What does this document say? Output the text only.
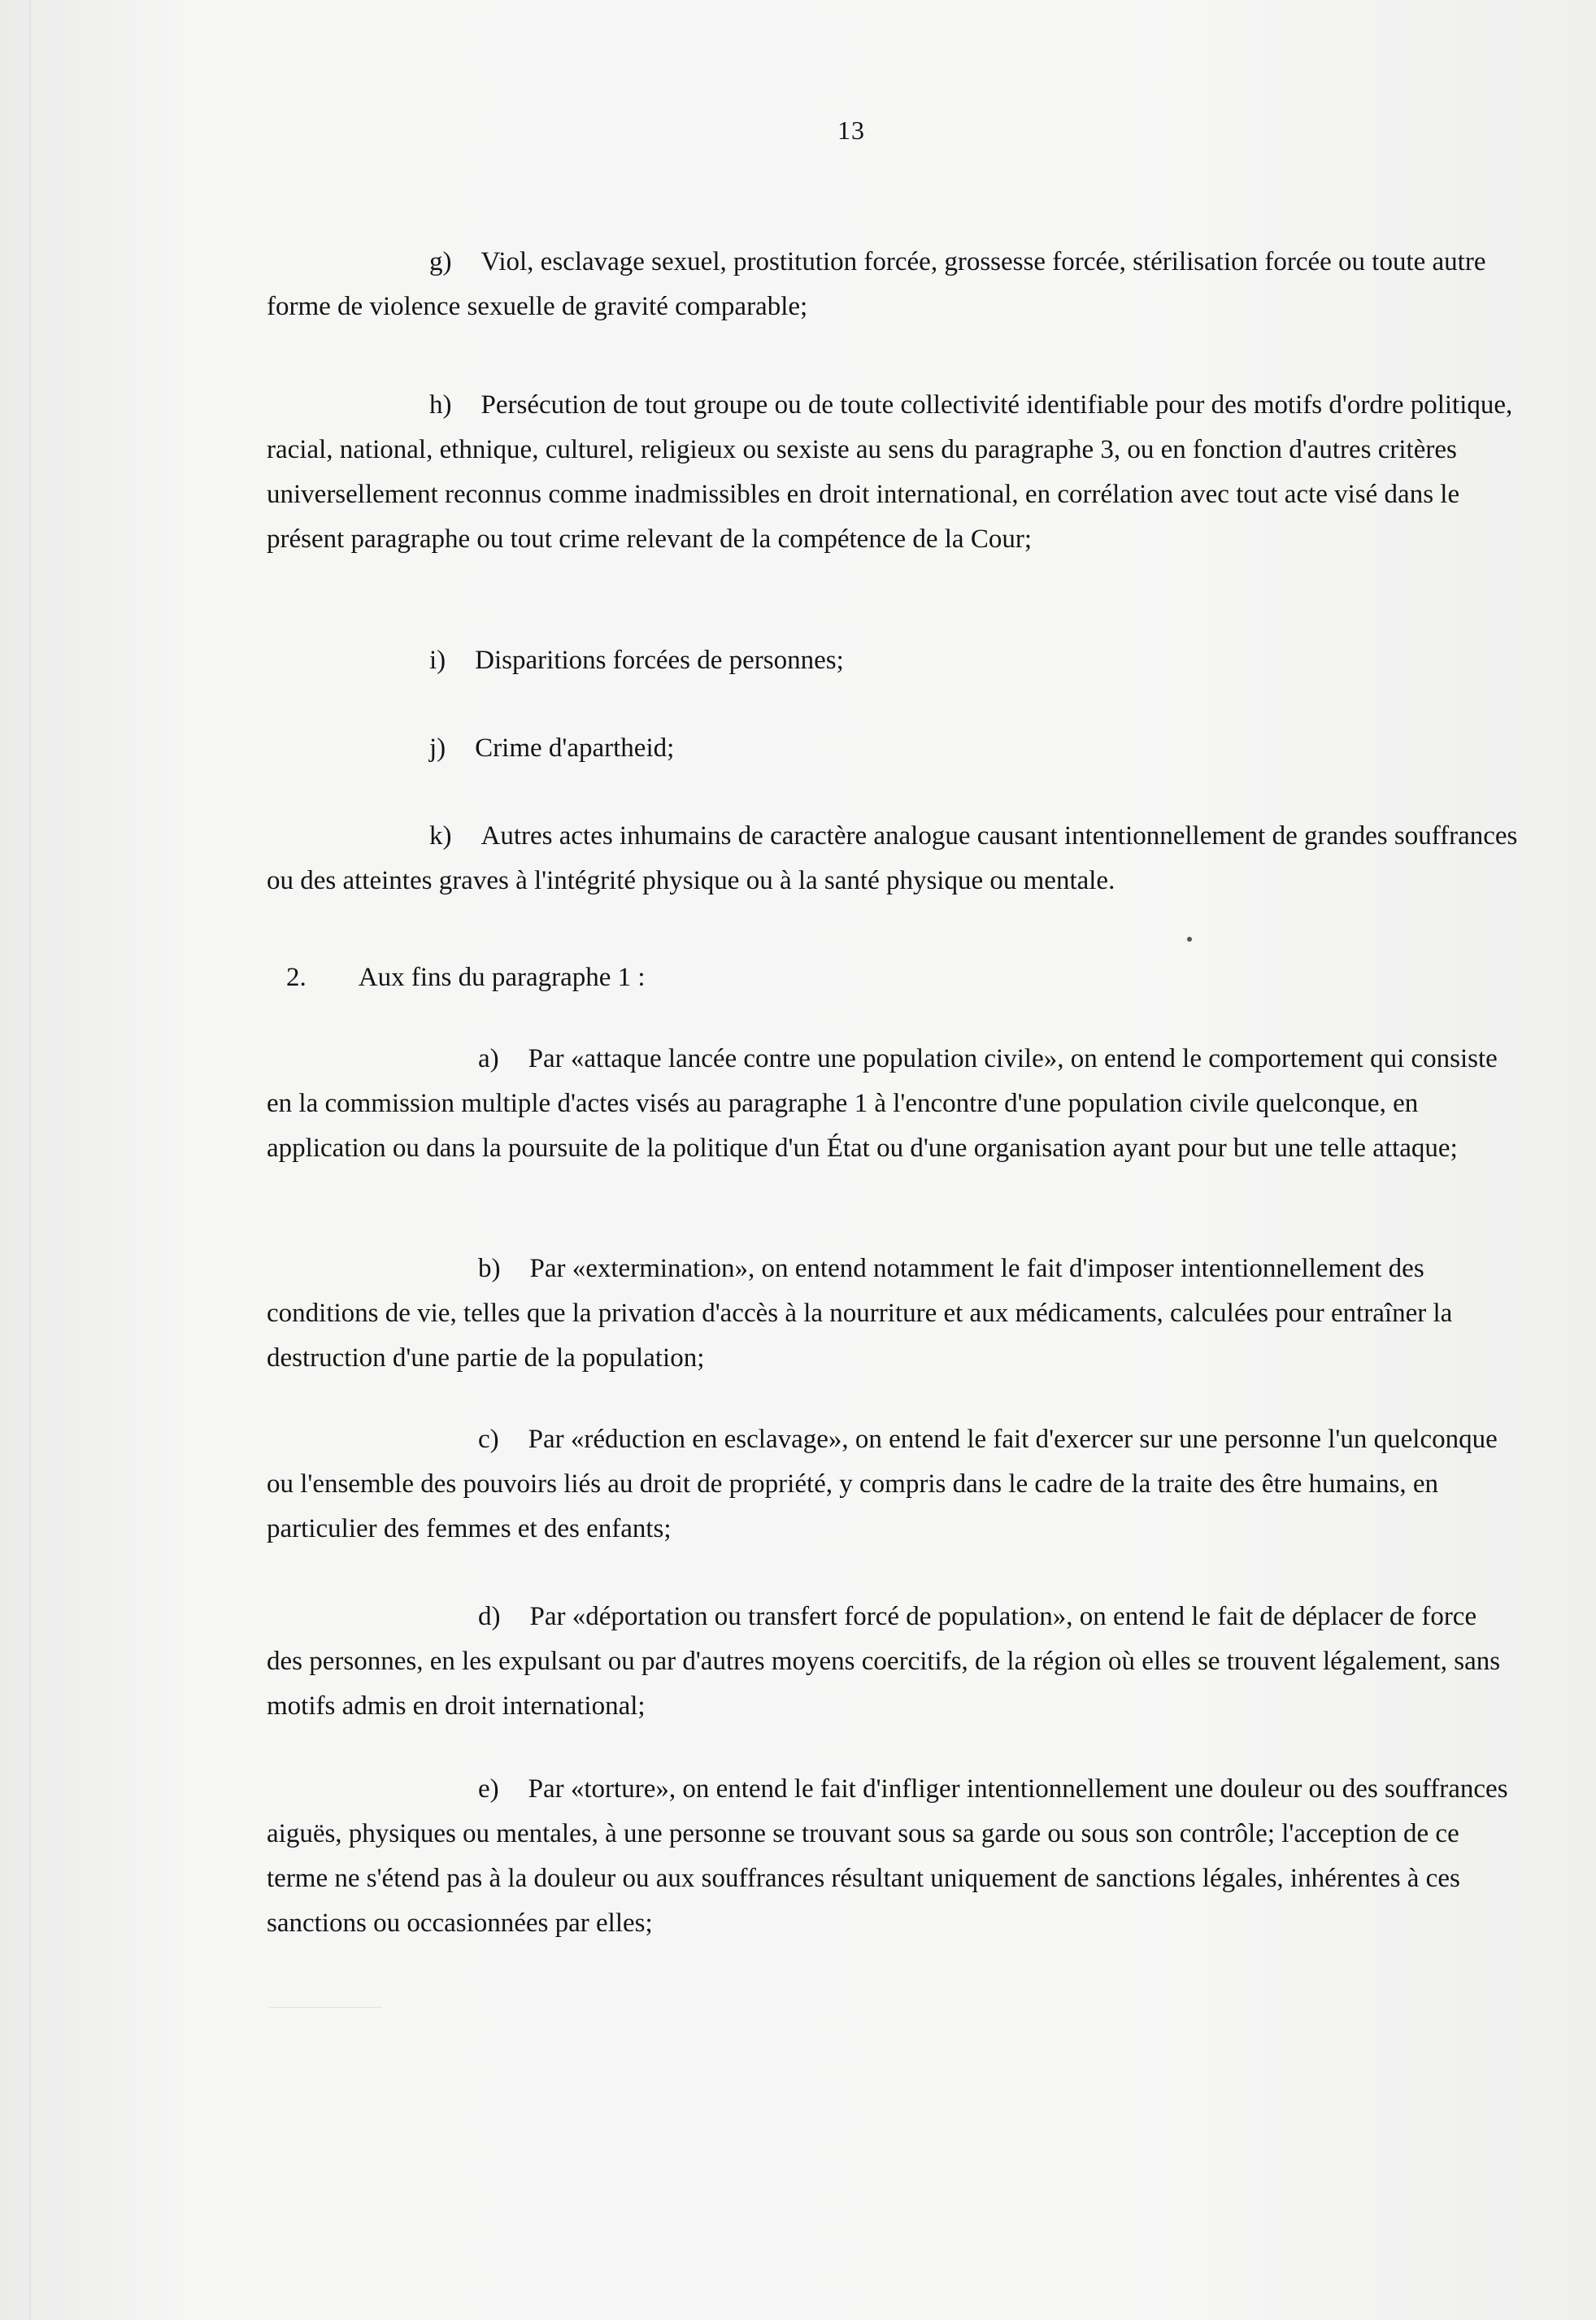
13

g) Viol, esclavage sexuel, prostitution forcée, grossesse forcée, stérilisation forcée ou toute autre forme de violence sexuelle de gravité comparable;

h) Persécution de tout groupe ou de toute collectivité identifiable pour des motifs d'ordre politique, racial, national, ethnique, culturel, religieux ou sexiste au sens du paragraphe 3, ou en fonction d'autres critères universellement reconnus comme inadmissibles en droit international, en corrélation avec tout acte visé dans le présent paragraphe ou tout crime relevant de la compétence de la Cour;

i) Disparitions forcées de personnes;

j) Crime d'apartheid;

k) Autres actes inhumains de caractère analogue causant intentionnellement de grandes souffrances ou des atteintes graves à l'intégrité physique ou à la santé physique ou mentale.

2. Aux fins du paragraphe 1 :

a) Par «attaque lancée contre une population civile», on entend le comportement qui consiste en la commission multiple d'actes visés au paragraphe 1 à l'encontre d'une population civile quelconque, en application ou dans la poursuite de la politique d'un État ou d'une organisation ayant pour but une telle attaque;

b) Par «extermination», on entend notamment le fait d'imposer intentionnellement des conditions de vie, telles que la privation d'accès à la nourriture et aux médicaments, calculées pour entraîner la destruction d'une partie de la population;

c) Par «réduction en esclavage», on entend le fait d'exercer sur une personne l'un quelconque ou l'ensemble des pouvoirs liés au droit de propriété, y compris dans le cadre de la traite des être humains, en particulier des femmes et des enfants;

d) Par «déportation ou transfert forcé de population», on entend le fait de déplacer de force des personnes, en les expulsant ou par d'autres moyens coercitifs, de la région où elles se trouvent légalement, sans motifs admis en droit international;

e) Par «torture», on entend le fait d'infliger intentionnellement une douleur ou des souffrances aiguës, physiques ou mentales, à une personne se trouvant sous sa garde ou sous son contrôle; l'acception de ce terme ne s'étend pas à la douleur ou aux souffrances résultant uniquement de sanctions légales, inhérentes à ces sanctions ou occasionnées par elles;
